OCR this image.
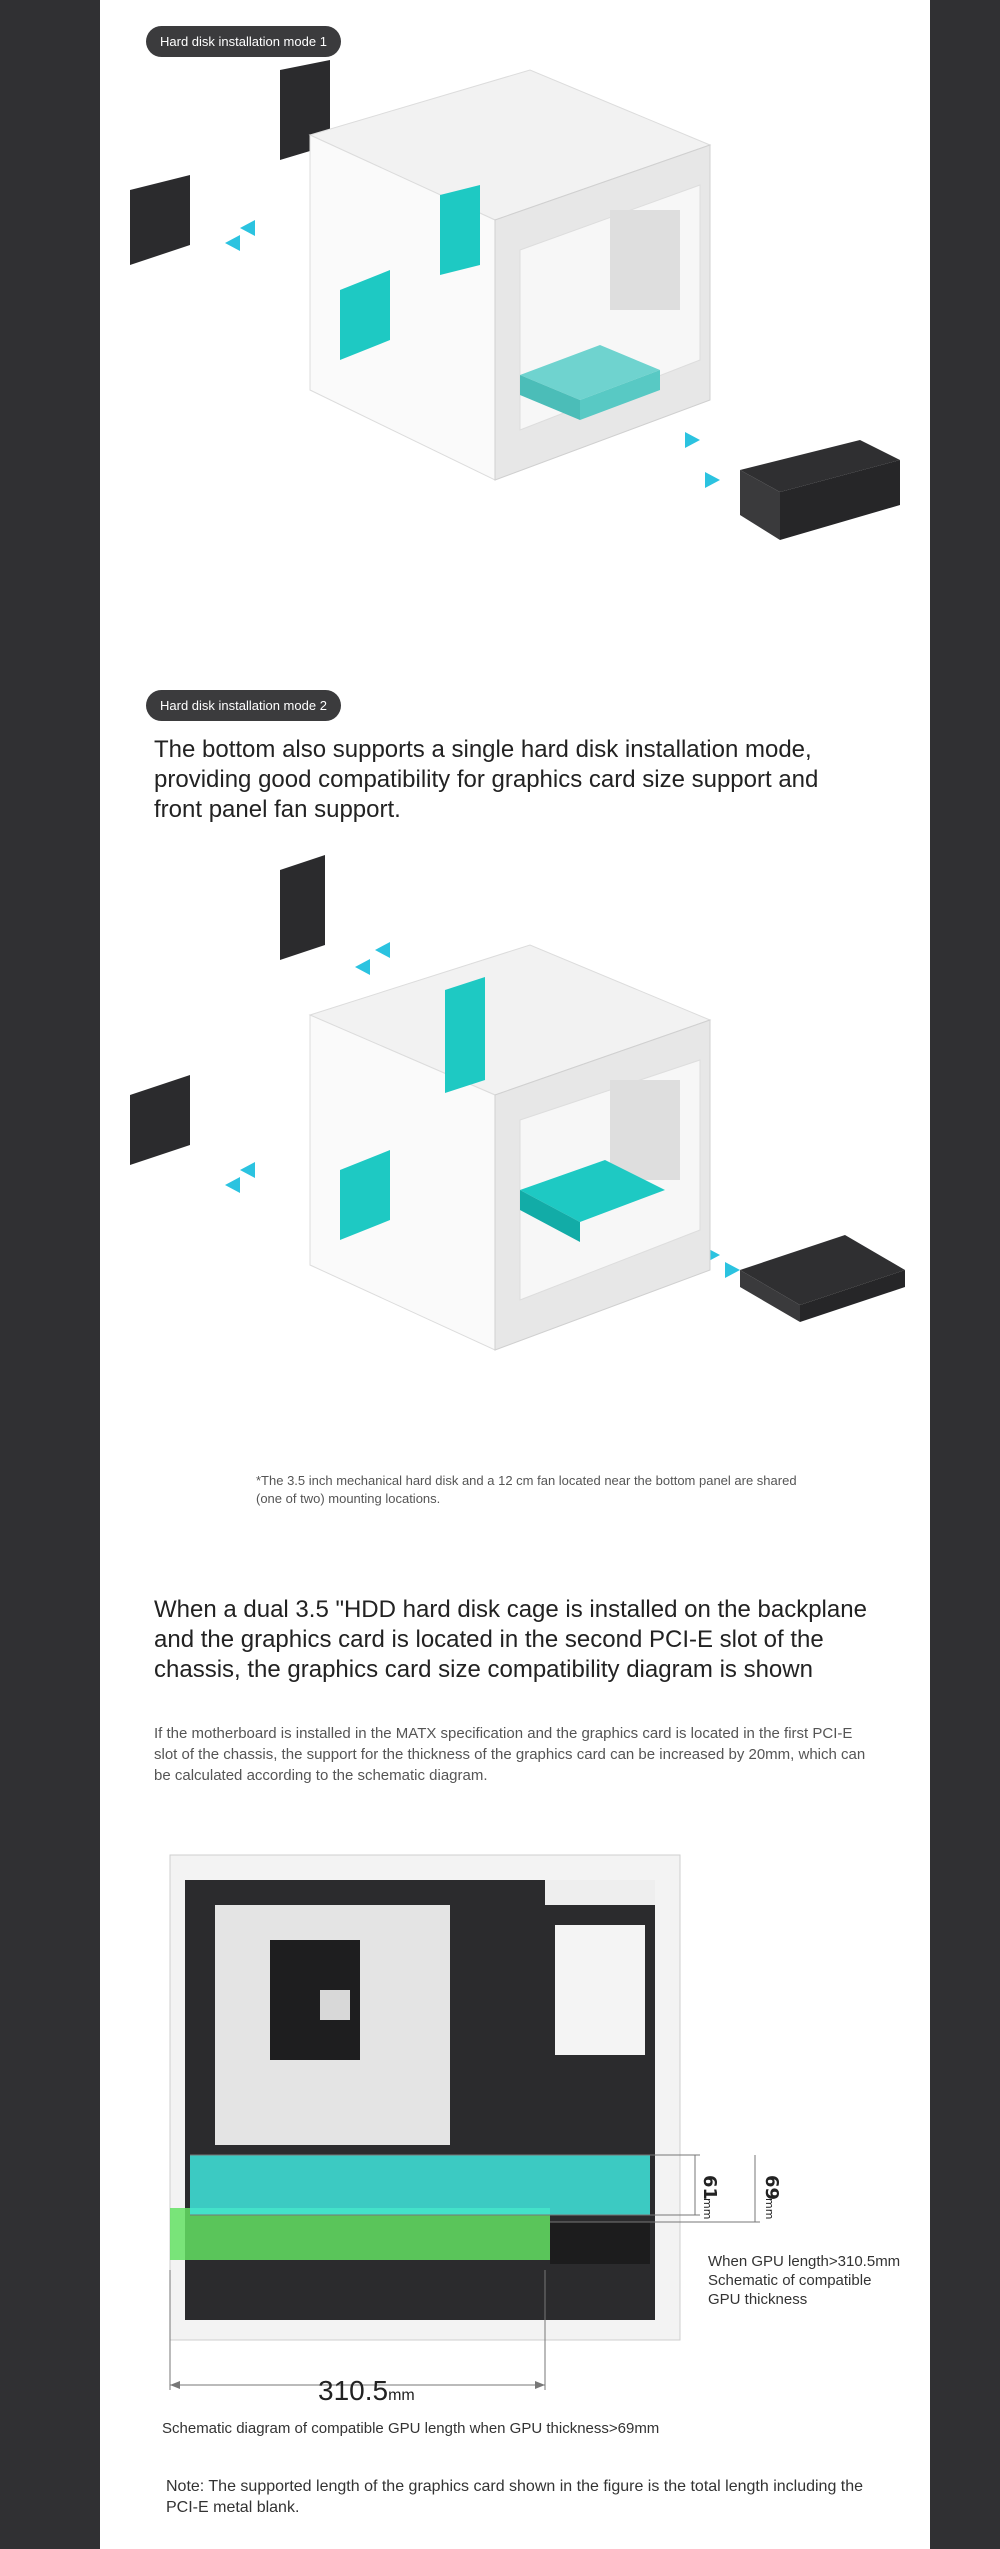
Hard disk installation mode 1
Hard disk installation mode 2
The bottom also supports a single hard disk installation mode, providing good compatibility for graphics card size support and front panel fan support.
*The 3.5 inch mechanical hard disk and a 12 cm fan located near the bottom panel are shared (one of two) mounting locations.
When a dual 3.5 "HDD hard disk cage is installed on the backplane and the graphics card is located in the second PCI-E slot of the chassis, the graphics card size compatibility diagram is shown
If the motherboard is installed in the MATX specification and the graphics card is located in the first PCI-E slot of the chassis, the support for the thickness of the graphics card can be increased by 20mm, which can be calculated according to the schematic diagram.
61
mm
69
mm
When GPU length>310.5mm
Schematic of compatible
GPU thickness
310.5mm
Schematic diagram of compatible GPU length when GPU thickness>69mm
Note: The supported length of the graphics card shown in the figure is the total length including the PCI-E metal blank.
